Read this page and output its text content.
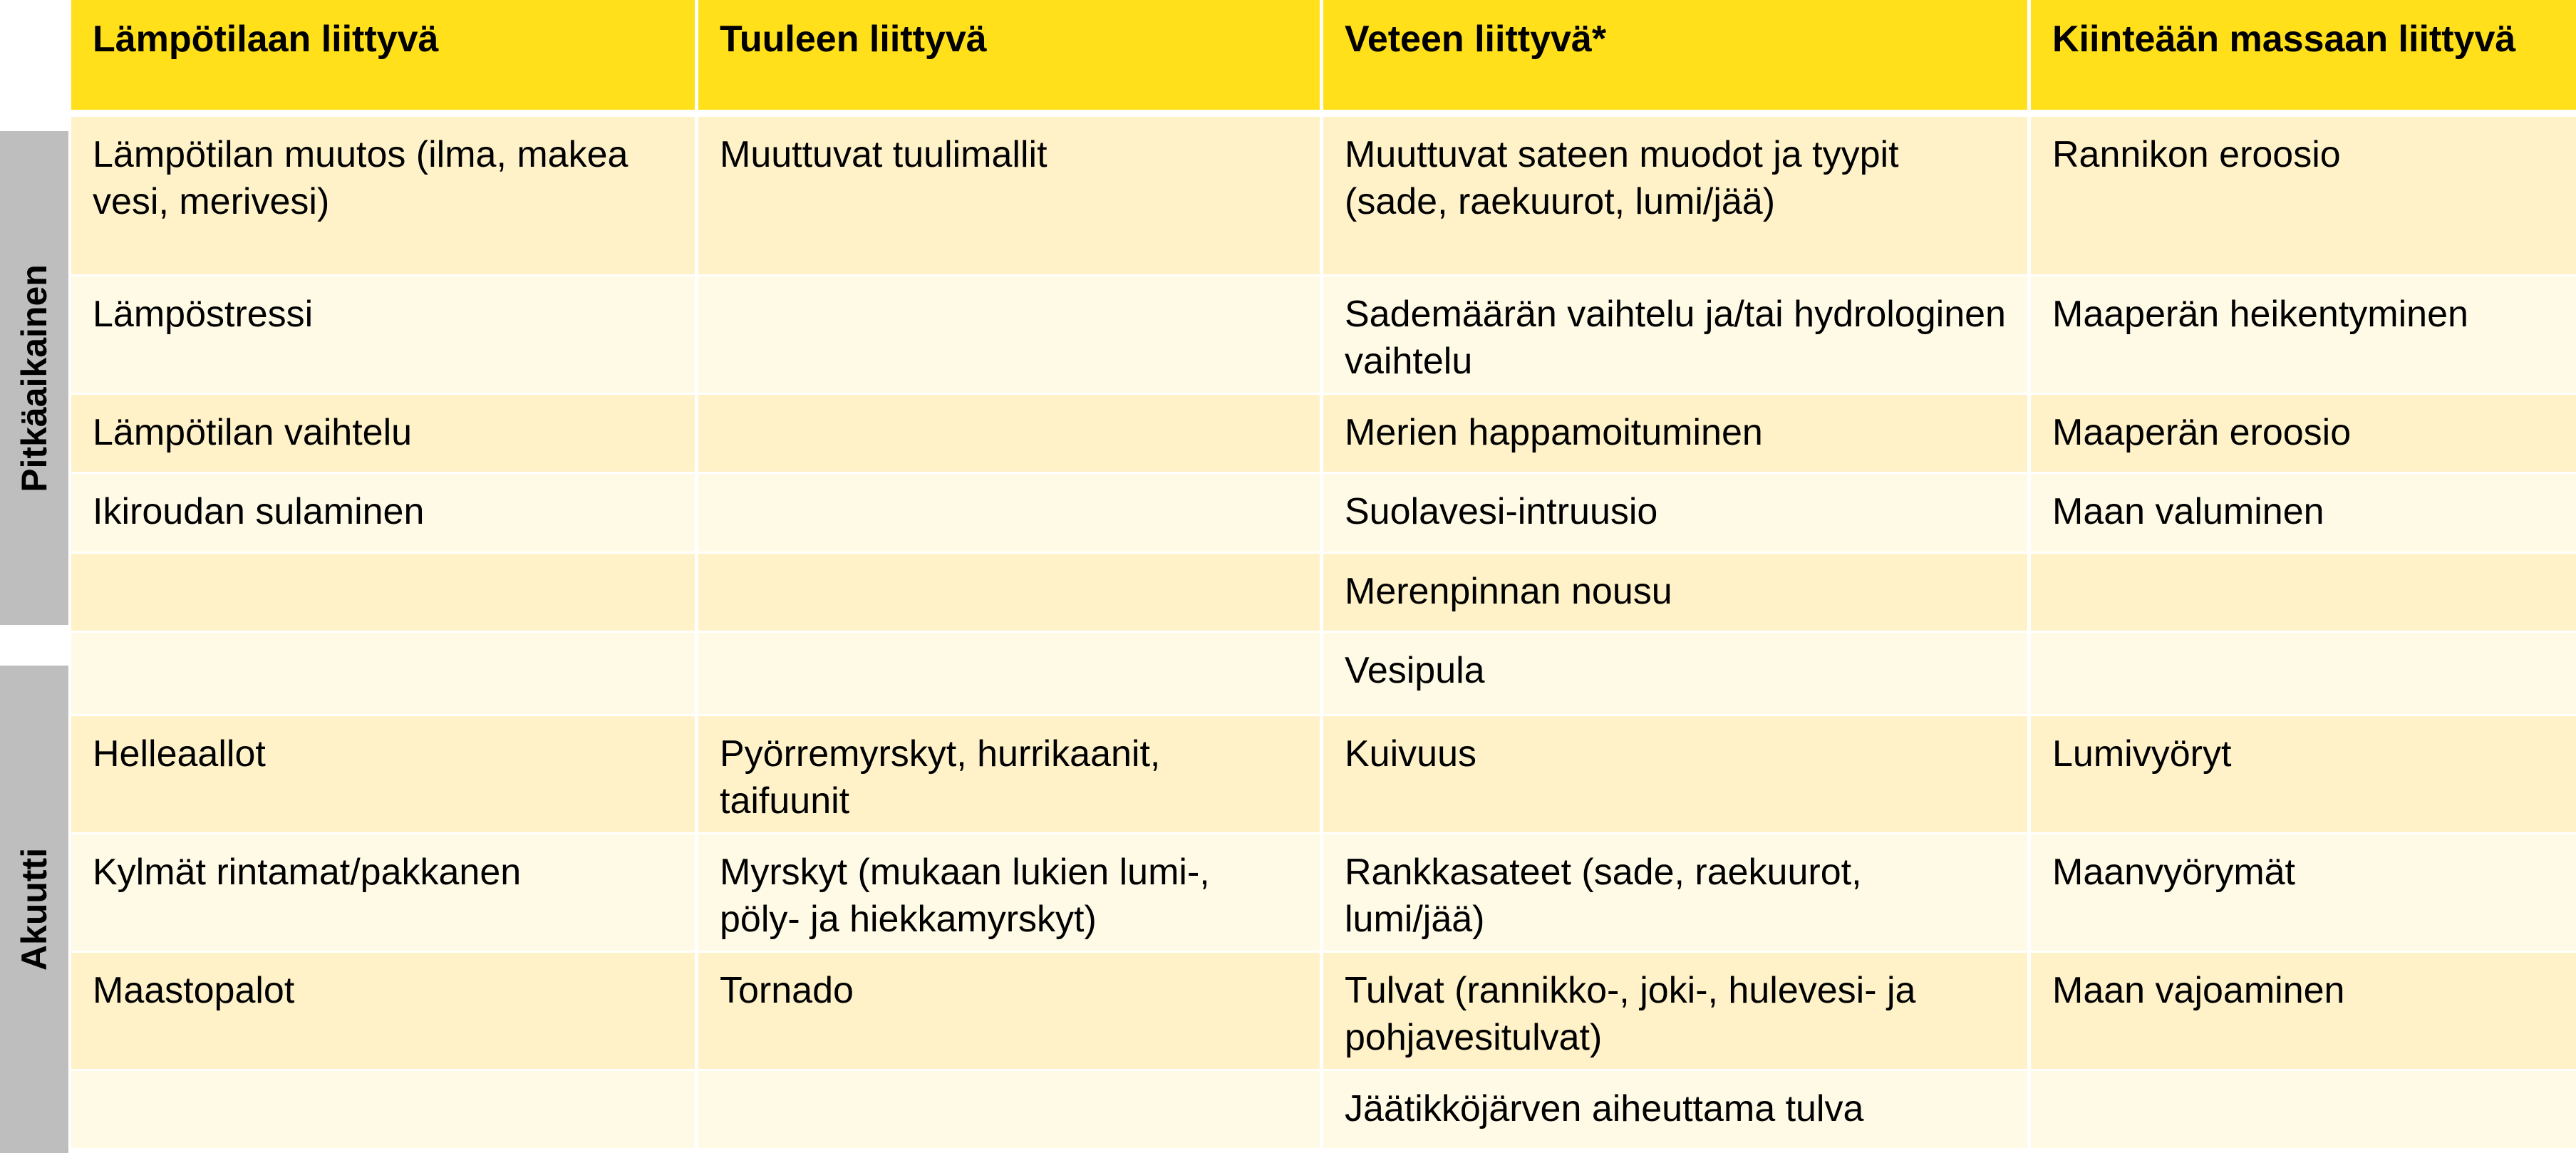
Pitkäaikainen
Akuutti
Lämpötilaan liittyvä	Tuuleen liittyvä	Veteen liittyvä*	Kiinteään massaan liittyvä
Lämpötilan muutos (ilma, makea vesi, merivesi)	Muuttuvat tuulimallit	Muuttuvat sateen muodot ja tyypit (sade, raekuurot, lumi/jää)	Rannikon eroosio
Lämpöstressi		Sademäärän vaihtelu ja/tai hydrologinen vaihtelu	Maaperän heikentyminen
Lämpötilan vaihtelu		Merien happamoituminen	Maaperän eroosio
Ikiroudan sulaminen		Suolavesi-intruusio	Maan valuminen
		Merenpinnan nousu	
		Vesipula	
Helleaallot	Pyörremyrskyt, hurrikaanit, taifuunit	Kuivuus	Lumivyöryt
Kylmät rintamat/pakkanen	Myrskyt (mukaan lukien lumi-, pöly- ja hiekkamyrskyt)	Rankkasateet (sade, raekuurot, lumi/jää)	Maanvyörymät
Maastopalot	Tornado	Tulvat (rannikko-, joki-, hulevesi- ja pohjavesitulvat)	Maan vajoaminen
		Jäätikköjärven aiheuttama tulva	
